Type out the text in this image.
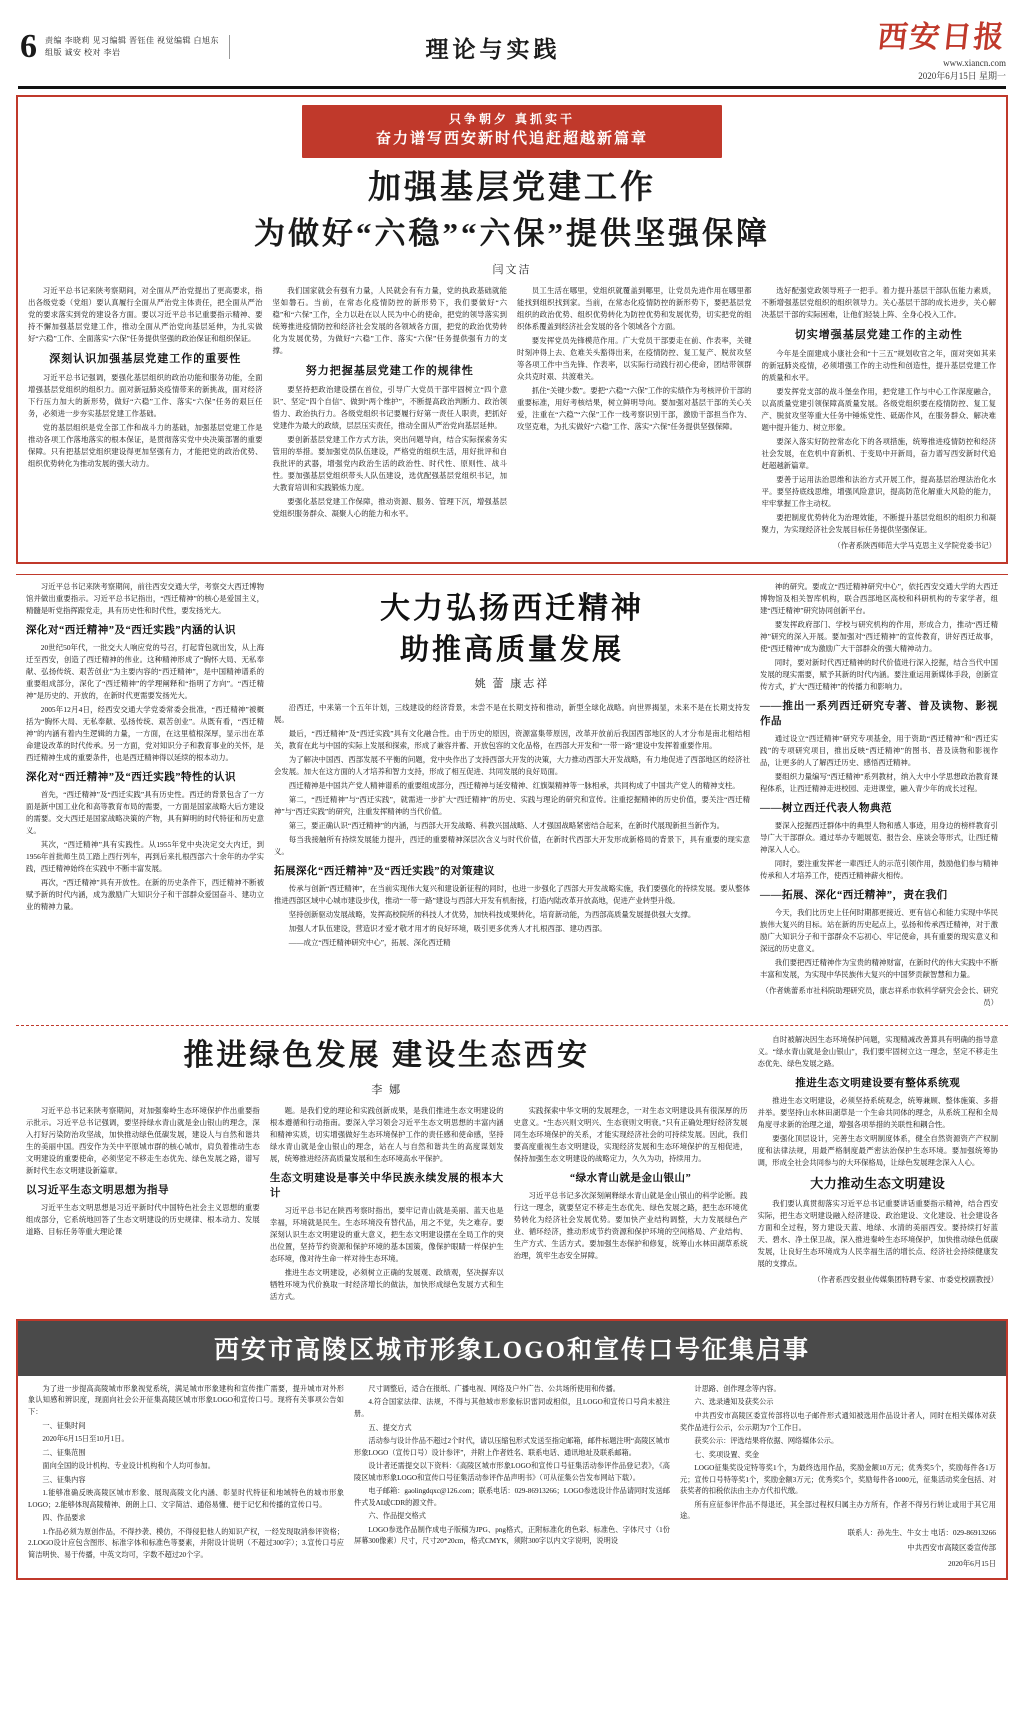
6	责编 李晓莉 见习编辑 晋钰佳 视觉编辑 白旭东
组版 诚安 校对 李岩	理论与实践	西安日报
www.xiancn.com
2020年6月15日 星期一
只争朝夕 真抓实干
奋力谱写西安新时代追赶超越新篇章
加强基层党建工作
为做好“六稳”“六保”提供坚强保障
闫文洁

习近平总书记来陕考察期间，对全面从严治党提出了更高要求，指出各级党委（党组）要认真履行全面从严治党主体责任，把全面从严治党的要求落实到党的建设各方面。要以习近平总书记重要指示精神、要持不懈加强基层党建工作，推动全面从严治党向基层延伸，为扎实做好“六稳”工作、全面落实“六保”任务提供坚强的政治保证和组织保证。

深刻认识加强基层党建工作的重要性

习近平总书记强调，要强化基层组织的政治功能和服务功能，全面增强基层党组织的组织力。面对新冠肺炎疫情带来的新挑战，面对经济下行压力加大的新形势，做好“六稳”工作、落实“六保”任务的艰巨任务，必须进一步夯实基层党建工作基础。

党的基层组织是党全部工作和战斗力的基础，加强基层党建工作是推动各项工作落地落实的根本保证，是贯彻落实党中央决策部署的重要保障。只有把基层党组织建设得更加坚强有力，才能把党的政治优势、组织优势转化为推动发展的强大动力。

我们国家就会有强有力量，人民就会有有力量，党的执政基础就能坚如磐石。当前，在常态化疫情防控的新形势下，我们要做好“六稳”和“六保”工作，全力以赴在以人民为中心的使命，把党的领导落实到统筹推进疫情防控和经济社会发展的各领域各方面，把党的政治优势转化为发展优势，为做好“六稳”工作、落实“六保”任务提供强有力的支撑。

努力把握基层党建工作的规律性

要坚持把政治建设摆在首位，引导广大党员干部牢固树立“四个意识”、坚定“四个自信”、做到“两个维护”，不断提高政治判断力、政治领悟力、政治执行力。各级党组织书记要履行好第一责任人职责，把抓好党建作为最大的政绩，层层压实责任，推动全面从严治党向基层延伸。

要创新基层党建工作方式方法，突出问题导向，结合实际探索务实管用的举措。要加强党员队伍建设，严格党的组织生活，用好批评和自我批评的武器，增强党内政治生活的政治性、时代性、原则性、战斗性。要加强基层党组织带头人队伍建设，选优配强基层党组织书记，加大教育培训和实践锻炼力度。

要强化基层党建工作保障，推动资源、服务、管理下沉，增强基层党组织服务群众、凝聚人心的能力和水平。

员工生活在哪里，党组织就覆盖到哪里，让党员先进作用在哪里都能找到组织找到家。当前，在常态化疫情防控的新形势下，要把基层党组织的政治优势、组织优势转化为防控优势和发展优势，切实把党的组织体系覆盖到经济社会发展的各个领域各个方面。

要发挥党员先锋模范作用。广大党员干部要走在前、作表率，关键时刻冲得上去、危难关头豁得出来，在疫情防控、复工复产、脱贫攻坚等各项工作中当先锋、作表率，以实际行动践行初心使命，团结带领群众共克时艰、共渡难关。

抓住“关键少数”。要把“六稳”“六保”工作的实绩作为考核评价干部的重要标准，用好考核结果，树立鲜明导向。要加强对基层干部的关心关爱，注重在“六稳”“六保”工作一线考察识别干部，激励干部担当作为、攻坚克难，为扎实做好“六稳”工作、落实“六保”任务提供坚强保障。

选好配强党政领导班子一把手。着力提升基层干部队伍能力素质，不断增强基层党组织的组织领导力。关心基层干部的成长进步，关心解决基层干部的实际困难，让他们轻装上阵、全身心投入工作。

切实增强基层党建工作的主动性

今年是全面建成小康社会和“十三五”规划收官之年，面对突如其来的新冠肺炎疫情，必须增强工作的主动性和创造性，提升基层党建工作的质量和水平。

要发挥党支部的战斗堡垒作用，把党建工作与中心工作深度融合，以高质量党建引领保障高质量发展。各级党组织要在疫情防控、复工复产、脱贫攻坚等重大任务中锤炼党性、砥砺作风，在服务群众、解决难题中提升能力、树立形象。

要深入落实好防控常态化下的各项措施，统筹推进疫情防控和经济社会发展，在危机中育新机、于变局中开新局，奋力谱写西安新时代追赶超越新篇章。

要善于运用法治思维和法治方式开展工作，提高基层治理法治化水平。要坚持底线思维，增强风险意识，提高防范化解重大风险的能力，牢牢掌握工作主动权。

要把制度优势转化为治理效能，不断提升基层党组织的组织力和凝聚力，为实现经济社会发展目标任务提供坚强保证。

（作者系陕西师范大学马克思主义学院党委书记）

习近平总书记来陕考察期间，前往西安交通大学，考察交大西迁博物馆并做出重要指示。习近平总书记指出，“西迁精神”的核心是爱国主义，精髓是听党指挥跟党走，具有历史性和时代性，要发扬光大。

深化对“西迁精神”及“西迁实践”内涵的认识

20世纪50年代，一批交大人响应党的号召，打起背包就出发，从上海迁至西安，创造了西迁精神的伟业。这种精神形成了“胸怀大局、无私奉献、弘扬传统、艰苦创业”为主要内容的“西迁精神”，是中国精神谱系的重要组成部分，深化了“西迁精神”的学理阐释和“指明了方向”。“西迁精神”是历史的、开放的，在新时代更需要发扬光大。

2005年12月4日，经西安交通大学党委常委会批准，“西迁精神”被概括为“胸怀大局、无私奉献、弘扬传统、艰苦创业”。从既有看，“西迁精神”的内涵有着内生逻辑的力量，一方面，在这里植根深厚，显示出在革命建设改革的时代传承。另一方面，党对知识分子和教育事业的关怀，是西迁精神生成的重要条件，也是西迁精神得以延续的根本动力。

深化对“西迁精神”及“西迁实践”特性的认识

首先，“西迁精神”及“西迁实践”具有历史性。西迁的背景包含了一方面是新中国工业化和高等教育布局的需要，一方面是国家战略大后方建设的需要。交大西迁是国家战略决策的产物，具有鲜明的时代特征和历史意义。

其次，“西迁精神”具有实践性。从1955年党中央决定交大内迁，到1956年首批师生员工踏上西行列车，再到后来扎根西部六十余年的办学实践，西迁精神始终在实践中不断丰富发展。

再次，“西迁精神”具有开放性。在新的历史条件下，西迁精神不断被赋予新的时代内涵，成为激励广大知识分子和干部群众爱国奋斗、建功立业的精神力量。

大力弘扬西迁精神
助推高质量发展
姚 蕾 康志祥

沿西迁，中来第一个五年计划，三线建设的经济背景，未尝不是在长期支持和推动，新型全球化战略。向世界揭显，未来不是在长期支持发展。

最后，“西迁精神”及“西迁实践”具有文化融合性。由于历史的原因，资源富集带原因，改革开放前后我国西部地区的人才分布是南北相结相关，教育在此与中国的实际上发展和探索，形成了兼容并蓄、开放包容的文化品格，在西部大开发和“一带一路”建设中发挥着重要作用。

为了解决中国西、西部发展不平衡的问题，党中央作出了支持西部大开发的决策，大力推动西部大开发战略，有力地促进了西部地区的经济社会发展。加大在这方面的人才培养和智力支持，形成了相互促进、共同发展的良好局面。

西迁精神是中国共产党人精神谱系的重要组成部分，西迁精神与延安精神、红旗渠精神等一脉相承，共同构成了中国共产党人的精神支柱。

第二，“西迁精神”与“西迁实践”，就需进一步扩大“西迁精神”的历史、实践与理论的研究和宣传。注重挖掘精神的历史价值，要关注“西迁精神”与“西迁实践”的研究，注重发挥精神的当代价值。

第三，要正确认识“西迁精神”的内涵，与西部大开发战略、科教兴国战略、人才强国战略紧密结合起来，在新时代展现新担当新作为。

每当我接触所有持续发展能力提升，西迁的重要精神深层次含义与时代价值，在新时代西部大开发形成新格局的背景下，具有重要的现实意义。

拓展深化“西迁精神”及“西迁实践”的对策建议

传承与创新“西迁精神”，在当前实现伟大复兴和建设新征程的同时，也进一步强化了西部大开发战略实施，我们要强化的持续发展。要从整体推进西部区域中心城市建设步伐，推动“一带一路”建设与西部大开发有机衔接，打造内陆改革开放高地，促进产业转型升级。

坚持创新驱动发展战略，发挥高校院所的科技人才优势，加快科技成果转化，培育新动能，为西部高质量发展提供强大支撑。

加强人才队伍建设，营造识才爱才敬才用才的良好环境，吸引更多优秀人才扎根西部、建功西部。

——成立“西迁精神研究中心”，拓展、深化西迁精

神的研究。要成立“西迁精神研究中心”，依托西安交通大学的大西迁博物馆及相关智库机构，联合西部地区高校和科研机构的专家学者，组建“西迁精神”研究协同创新平台。

要发挥政府部门、学校与研究机构的作用，形成合力，推动“西迁精神”研究的深入开展。要加强对“西迁精神”的宣传教育，讲好西迁故事，使“西迁精神”成为激励广大干部群众的强大精神动力。

同时，要对新时代西迁精神的时代价值进行深入挖掘，结合当代中国发展的现实需要，赋予其新的时代内涵。要注重运用新媒体手段，创新宣传方式，扩大“西迁精神”的传播力和影响力。

——推出一系列西迁研究专著、普及读物、影视作品

通过设立“西迁精神”研究专项基金，用于资助“西迁精神”和“西迁实践”的专项研究项目，推出反映“西迁精神”的图书、普及读物和影视作品，让更多的人了解西迁历史、感悟西迁精神。

要组织力量编写“西迁精神”系列教材，纳入大中小学思想政治教育课程体系，让西迁精神走进校园、走进课堂，融入青少年的成长过程。

——树立西迁代表人物典范

要深入挖掘西迁群体中的典型人物和感人事迹，用身边的榜样教育引导广大干部群众。通过举办专题展览、报告会、座谈会等形式，让西迁精神深入人心。

同时，要注重发挥老一辈西迁人的示范引领作用，鼓励他们参与精神传承和人才培养工作，使西迁精神薪火相传。

——拓展、深化“西迁精神”，责在我们

今天，我们比历史上任何时期都更接近、更有信心和能力实现中华民族伟大复兴的目标。站在新的历史起点上，弘扬和传承西迁精神，对于激励广大知识分子和干部群众不忘初心、牢记使命，具有重要的现实意义和深远的历史意义。

我们要把西迁精神作为宝贵的精神财富，在新时代的伟大实践中不断丰富和发展，为实现中华民族伟大复兴的中国梦贡献智慧和力量。

（作者姚蕾系市社科院助理研究员，康志祥系市软科学研究会会长、研究员）
推进绿色发展 建设生态西安
李 娜

习近平总书记来陕考察期间，对加强秦岭生态环境保护作出重要指示批示。习近平总书记强调，要坚持绿水青山就是金山银山的理念，深入打好污染防治攻坚战，加快推动绿色低碳发展，建设人与自然和谐共生的美丽中国。西安作为关中平原城市群的核心城市，肩负着推动生态文明建设的重要使命，必须坚定不移走生态优先、绿色发展之路，谱写新时代生态文明建设新篇章。

以习近平生态文明思想为指导

习近平生态文明思想是习近平新时代中国特色社会主义思想的重要组成部分，它系统地回答了生态文明建设的历史规律、根本动力、发展道路、目标任务等重大理论课

题。是我们党的理论和实践创新成果，是我们推进生态文明建设的根本遵循和行动指南。要深入学习领会习近平生态文明思想的丰富内涵和精神实质，切实增强做好生态环境保护工作的责任感和使命感，坚持绿水青山就是金山银山的理念，站在人与自然和谐共生的高度谋划发展，统筹推进经济高质量发展和生态环境高水平保护。

生态文明建设是事关中华民族永续发展的根本大计

习近平总书记在陕西考察时指出，要牢记青山就是美丽、蓝天也是幸福，环境就是民生。生态环境没有替代品，用之不觉，失之难存。要深刻认识生态文明建设的重大意义，把生态文明建设摆在全局工作的突出位置，坚持节约资源和保护环境的基本国策，像保护眼睛一样保护生态环境，像对待生命一样对待生态环境。

推进生态文明建设，必须树立正确的发展观、政绩观，坚决摒弃以牺牲环境为代价换取一时经济增长的做法，加快形成绿色发展方式和生活方式。

实践探索中华文明的发展理念，一对生态文明建设具有很深厚的历史意义。“生态兴则文明兴、生态衰则文明衰。”只有正确处理好经济发展同生态环境保护的关系，才能实现经济社会的可持续发展。因此，我们要高度重视生态文明建设，实现经济发展和生态环境保护的互相促进，保持加强生态文明建设的战略定力，久久为功，持续用力。

“绿水青山就是金山银山”

习近平总书记多次深刻阐释绿水青山就是金山银山的科学论断。践行这一理念，就要坚定不移走生态优先、绿色发展之路，把生态环境优势转化为经济社会发展优势。要加快产业结构调整，大力发展绿色产业、循环经济，推动形成节约资源和保护环境的空间格局、产业结构、生产方式、生活方式。要加强生态保护和修复，统筹山水林田湖草系统治理，筑牢生态安全屏障。

自时被解决因生态环境保护问题，实现精减改善算具有明确的指导意义。“绿水青山就是金山银山”，我们要牢固树立这一理念，坚定不移走生态优先、绿色发展之路。

推进生态文明建设要有整体系统观

推进生态文明建设，必须坚持系统观念，统筹兼顾、整体施策、多措并举。要坚持山水林田湖草是一个生命共同体的理念，从系统工程和全局角度寻求新的治理之道，增强各项举措的关联性和耦合性。

要强化顶层设计，完善生态文明制度体系，健全自然资源资产产权制度和法律法规，用最严格制度最严密法治保护生态环境。要加强统筹协调，形成全社会共同参与的大环保格局，让绿色发展理念深入人心。

大力推动生态文明建设

我们要认真贯彻落实习近平总书记重要讲话重要指示精神，结合西安实际，把生态文明建设融入经济建设、政治建设、文化建设、社会建设各方面和全过程，努力建设天蓝、地绿、水清的美丽西安。要持续打好蓝天、碧水、净土保卫战，深入推进秦岭生态环境保护，加快推动绿色低碳发展，让良好生态环境成为人民幸福生活的增长点、经济社会持续健康发展的支撑点。

（作者系西安报业传媒集团特聘专家、市委党校副教授）
西安市高陵区城市形象LOGO和宣传口号征集启事

为了进一步提高高陵城市形象视觉系统，满足城市形象建构和宣传推广需要，提升城市对外形象认知感和辨识度，现面向社会公开征集高陵区城市形象LOGO和宣传口号。现将有关事项公告如下：

一、征集时间

2020年6月15日至10月1日。

二、征集范围

面向全国的设计机构、专业设计机构和个人均可参加。

三、征集内容

1.能够准确反映高陵区城市形象、展现高陵文化内涵、彰显时代特征和地域特色的城市形象LOGO；2.能够体现高陵精神、朗朗上口、文字简洁、通俗易懂、便于记忆和传播的宣传口号。

四、作品要求

1.作品必须为原创作品，不得抄袭、模仿，不得侵犯他人的知识产权，一经发现取消参评资格；2.LOGO设计应包含图形、标准字体和标准色等要素，并附设计说明（不超过300字）；3.宣传口号应简洁明快、易于传播，中英文均可，字数不超过20个字。

尺寸调整后，适合在报纸、广播电视、网络及户外广告、公共场所使用和传播。

4.符合国家法律、法规，不得与其他城市形象标识雷同或相似，且LOGO和宣传口号尚未被注册。

五、提交方式

活动参与设计作品不超过2个时代，请以压缩包形式发送至指定邮箱，邮件标题注明“高陵区城市形象LOGO（宣传口号）设计参评”，并附上作者姓名、联系电话、通讯地址及联系邮箱。

设计者还需提交以下资料：《高陵区城市形象LOGO和宣传口号征集活动参评作品登记表》，《高陵区城市形象LOGO和宣传口号征集活动参评作品声明书》（可从征集公告发布网站下载）。

电子邮箱：gaolingdqxc@126.com；联系电话：029-86913266；LOGO参选设计作品请同时发送邮件式及AI或CDR的源文件。

六、作品提交格式

LOGO参选作品制作成电子版稿为JPG、png格式，正附标准化的色彩、标准色、字体尺寸（1份屏幕300像素）尺寸，尺寸20*20cm，格式CMYK，须附300字以内文字说明，说明设

计思路、创作理念等内容。

六、选录遴知及获奖公示

中共西安市高陵区委宣传部将以电子邮件形式通知被选用作品设计者人，同时在相关媒体对获奖作品进行公示，公示期为7个工作日。

获奖公示：评选结果将依据、网络媒体公示。

七、奖项设置、奖金

LOGO征集奖设定特等奖1个，为最终选用作品，奖励金额10万元；优秀奖5个，奖励每件各1万元；宣传口号特等奖1个，奖励金额3万元；优秀奖5个，奖励每件各1000元，征集活动奖金包括、对获奖者的扣税依法由主办方代扣代缴。

所有应征参评作品不得退还，其全部过程权归属主办方所有，作者不得另行转让或用于其它用途。

联系人：孙先生、牛女士 电话：029-86913266
中共西安市高陵区委宣传部
2020年6月15日
